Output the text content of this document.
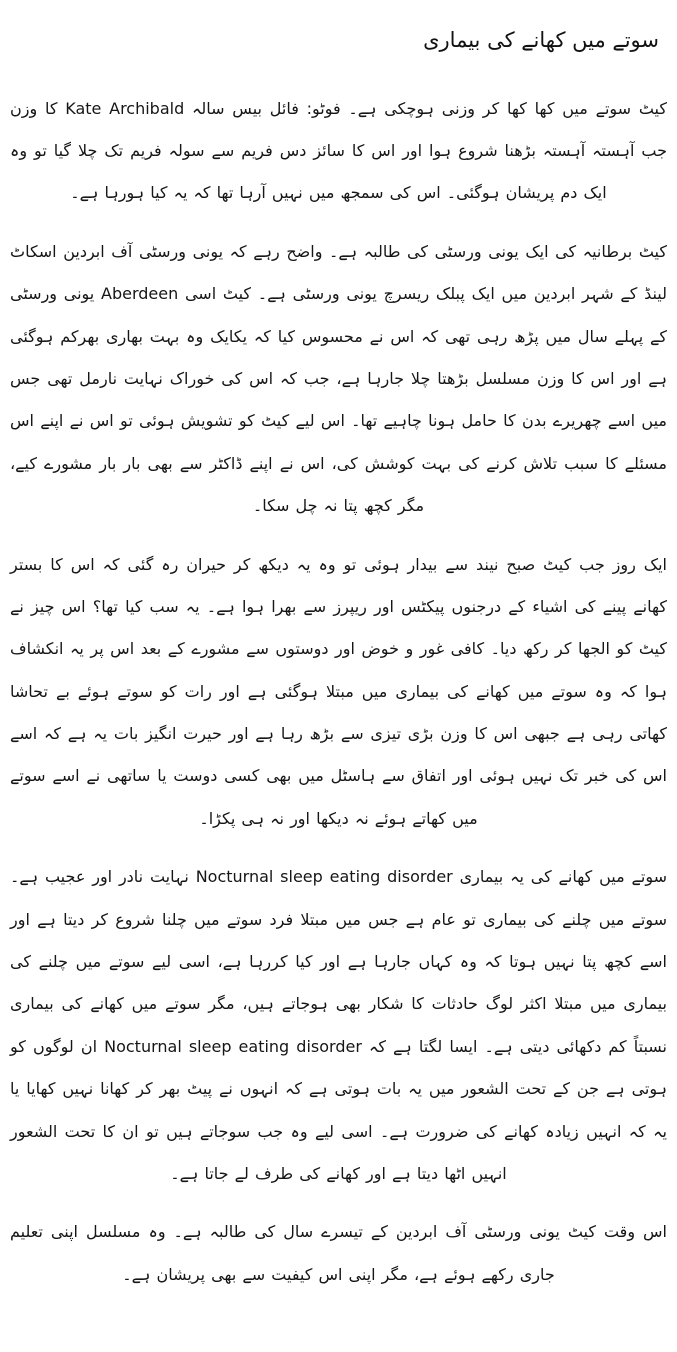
سوتے میں کھانے کی بیماری

کیٹ سوتے میں کھا کھا کر وزنی ہوچکی ہے۔ فوٹو: فائل بیس سالہ Kate Archibald کا وزن جب آہستہ آہستہ بڑھنا شروع ہوا اور اس کا سائز دس فریم سے سولہ فریم تک چلا گیا تو وہ ایک دم پریشان ہوگئی۔ اس کی سمجھ میں نہیں آرہا تھا کہ یہ کیا ہورہا ہے۔

کیٹ برطانیہ کی ایک یونی ورسٹی کی طالبہ ہے۔ واضح رہے کہ یونی ورسٹی آف ابردین اسکاٹ لینڈ کے شہر ابردین میں ایک پبلک ریسرچ یونی ورسٹی ہے۔ کیٹ اسی Aberdeen یونی ورسٹی کے پہلے سال میں پڑھ رہی تھی کہ اس نے محسوس کیا کہ یکایک وہ بہت بھاری بھرکم ہوگئی ہے اور اس کا وزن مسلسل بڑھتا چلا جارہا ہے، جب کہ اس کی خوراک نہایت نارمل تھی جس میں اسے چھریرے بدن کا حامل ہونا چاہیے تھا۔ اس لیے کیٹ کو تشویش ہوئی تو اس نے اپنے اس مسئلے کا سبب تلاش کرنے کی بہت کوشش کی، اس نے اپنے ڈاکٹر سے بھی بار بار مشورے کیے، مگر کچھ پتا نہ چل سکا۔

ایک روز جب کیٹ صبح نیند سے بیدار ہوئی تو وہ یہ دیکھ کر حیران رہ گئی کہ اس کا بستر کھانے پینے کی اشیاء کے درجنوں پیکٹس اور ریپرز سے بھرا ہوا ہے۔ یہ سب کیا تھا؟ اس چیز نے کیٹ کو الجھا کر رکھ دیا۔ کافی غور و خوض اور دوستوں سے مشورے کے بعد اس پر یہ انکشاف ہوا کہ وہ سوتے میں کھانے کی بیماری میں مبتلا ہوگئی ہے اور رات کو سوتے ہوئے بے تحاشا کھاتی رہی ہے جبھی اس کا وزن بڑی تیزی سے بڑھ رہا ہے اور حیرت انگیز بات یہ ہے کہ اسے اس کی خبر تک نہیں ہوئی اور اتفاق سے ہاسٹل میں بھی کسی دوست یا ساتھی نے اسے سوتے میں کھاتے ہوئے نہ دیکھا اور نہ ہی پکڑا۔

سوتے میں کھانے کی یہ بیماری Nocturnal sleep eating disorder نہایت نادر اور عجیب ہے۔ سوتے میں چلنے کی بیماری تو عام ہے جس میں مبتلا فرد سوتے میں چلنا شروع کر دیتا ہے اور اسے کچھ پتا نہیں ہوتا کہ وہ کہاں جارہا ہے اور کیا کررہا ہے، اسی لیے سوتے میں چلنے کی بیماری میں مبتلا اکثر لوگ حادثات کا شکار بھی ہوجاتے ہیں، مگر سوتے میں کھانے کی بیماری نسبتاً کم دکھائی دیتی ہے۔ ایسا لگتا ہے کہ Nocturnal sleep eating disorder ان لوگوں کو ہوتی ہے جن کے تحت الشعور میں یہ بات ہوتی ہے کہ انہوں نے پیٹ بھر کر کھانا نہیں کھایا یا یہ کہ انہیں زیادہ کھانے کی ضرورت ہے۔ اسی لیے وہ جب سوجاتے ہیں تو ان کا تحت الشعور انہیں اٹھا دیتا ہے اور کھانے کی طرف لے جاتا ہے۔

اس وقت کیٹ یونی ورسٹی آف ابردین کے تیسرے سال کی طالبہ ہے۔ وہ مسلسل اپنی تعلیم جاری رکھے ہوئے ہے، مگر اپنی اس کیفیت سے بھی پریشان ہے۔
